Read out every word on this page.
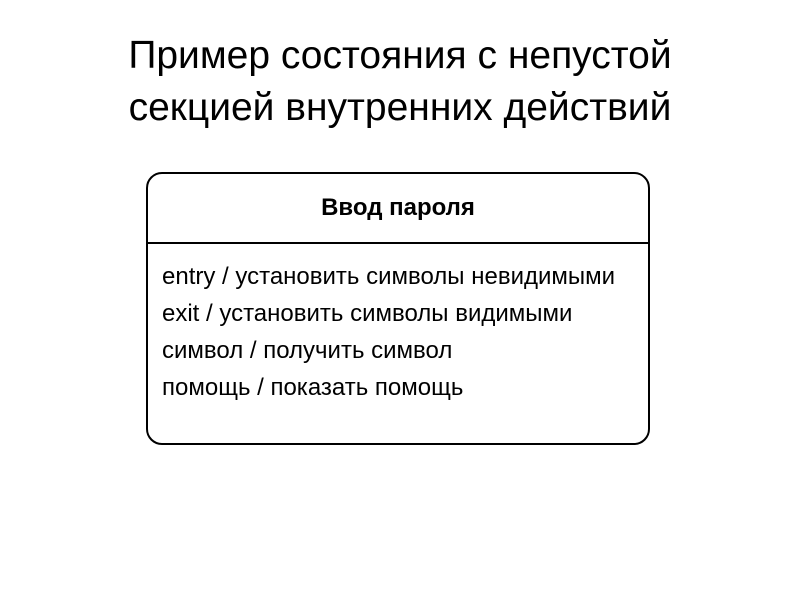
Пример состояния с непустой
секцией внутренних действий
Ввод пароля
entry / установить символы невидимыми
exit / установить символы видимыми
символ / получить символ
помощь / показать помощь
